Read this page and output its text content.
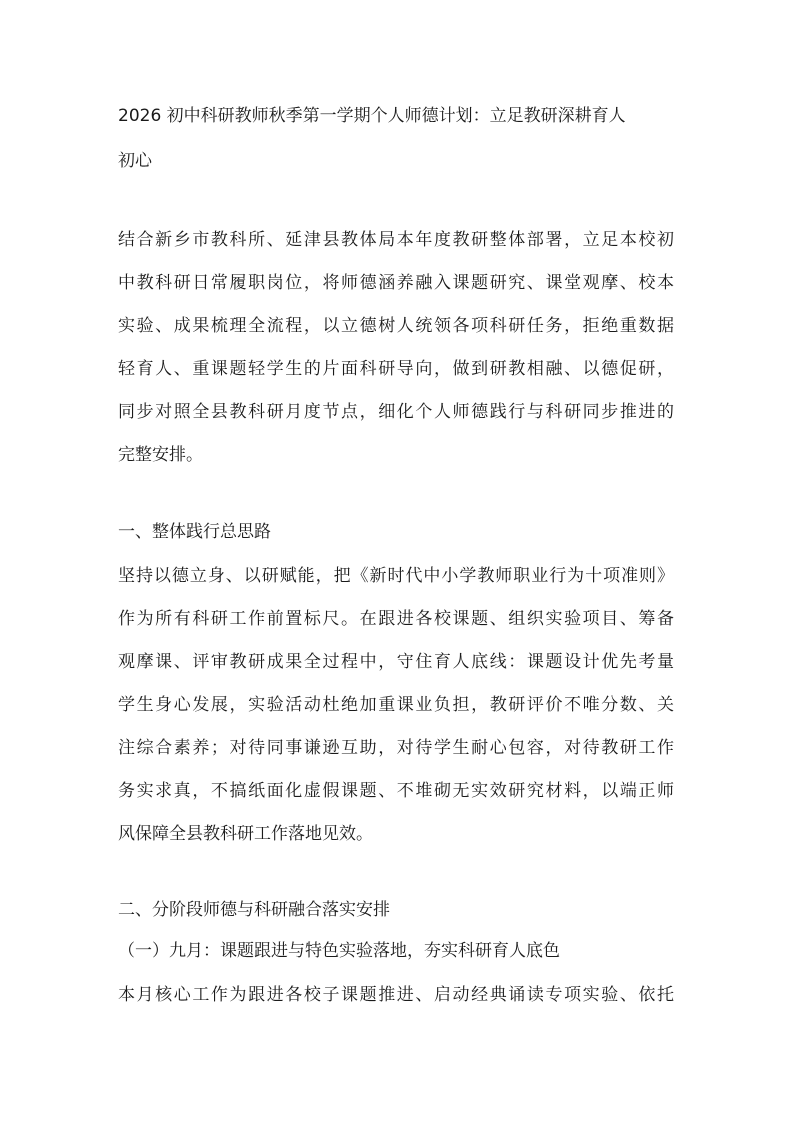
2026 初中科研教师秋季第一学期个人师德计划：立足教研深耕育人
初心
结合新乡市教科所、延津县教体局本年度教研整体部署，立足本校初
中教科研日常履职岗位，将师德涵养融入课题研究、课堂观摩、校本
实验、成果梳理全流程，以立德树人统领各项科研任务，拒绝重数据
轻育人、重课题轻学生的片面科研导向，做到研教相融、以德促研，
同步对照全县教科研月度节点，细化个人师德践行与科研同步推进的
完整安排。
一、整体践行总思路
坚持以德立身、以研赋能，把《新时代中小学教师职业行为十项准则》
作为所有科研工作前置标尺。在跟进各校课题、组织实验项目、筹备
观摩课、评审教研成果全过程中，守住育人底线：课题设计优先考量
学生身心发展，实验活动杜绝加重课业负担，教研评价不唯分数、关
注综合素养；对待同事谦逊互助，对待学生耐心包容，对待教研工作
务实求真，不搞纸面化虚假课题、不堆砌无实效研究材料，以端正师
风保障全县教科研工作落地见效。
二、分阶段师德与科研融合落实安排
（一）九月：课题跟进与特色实验落地，夯实科研育人底色
本月核心工作为跟进各校子课题推进、启动经典诵读专项实验、依托
